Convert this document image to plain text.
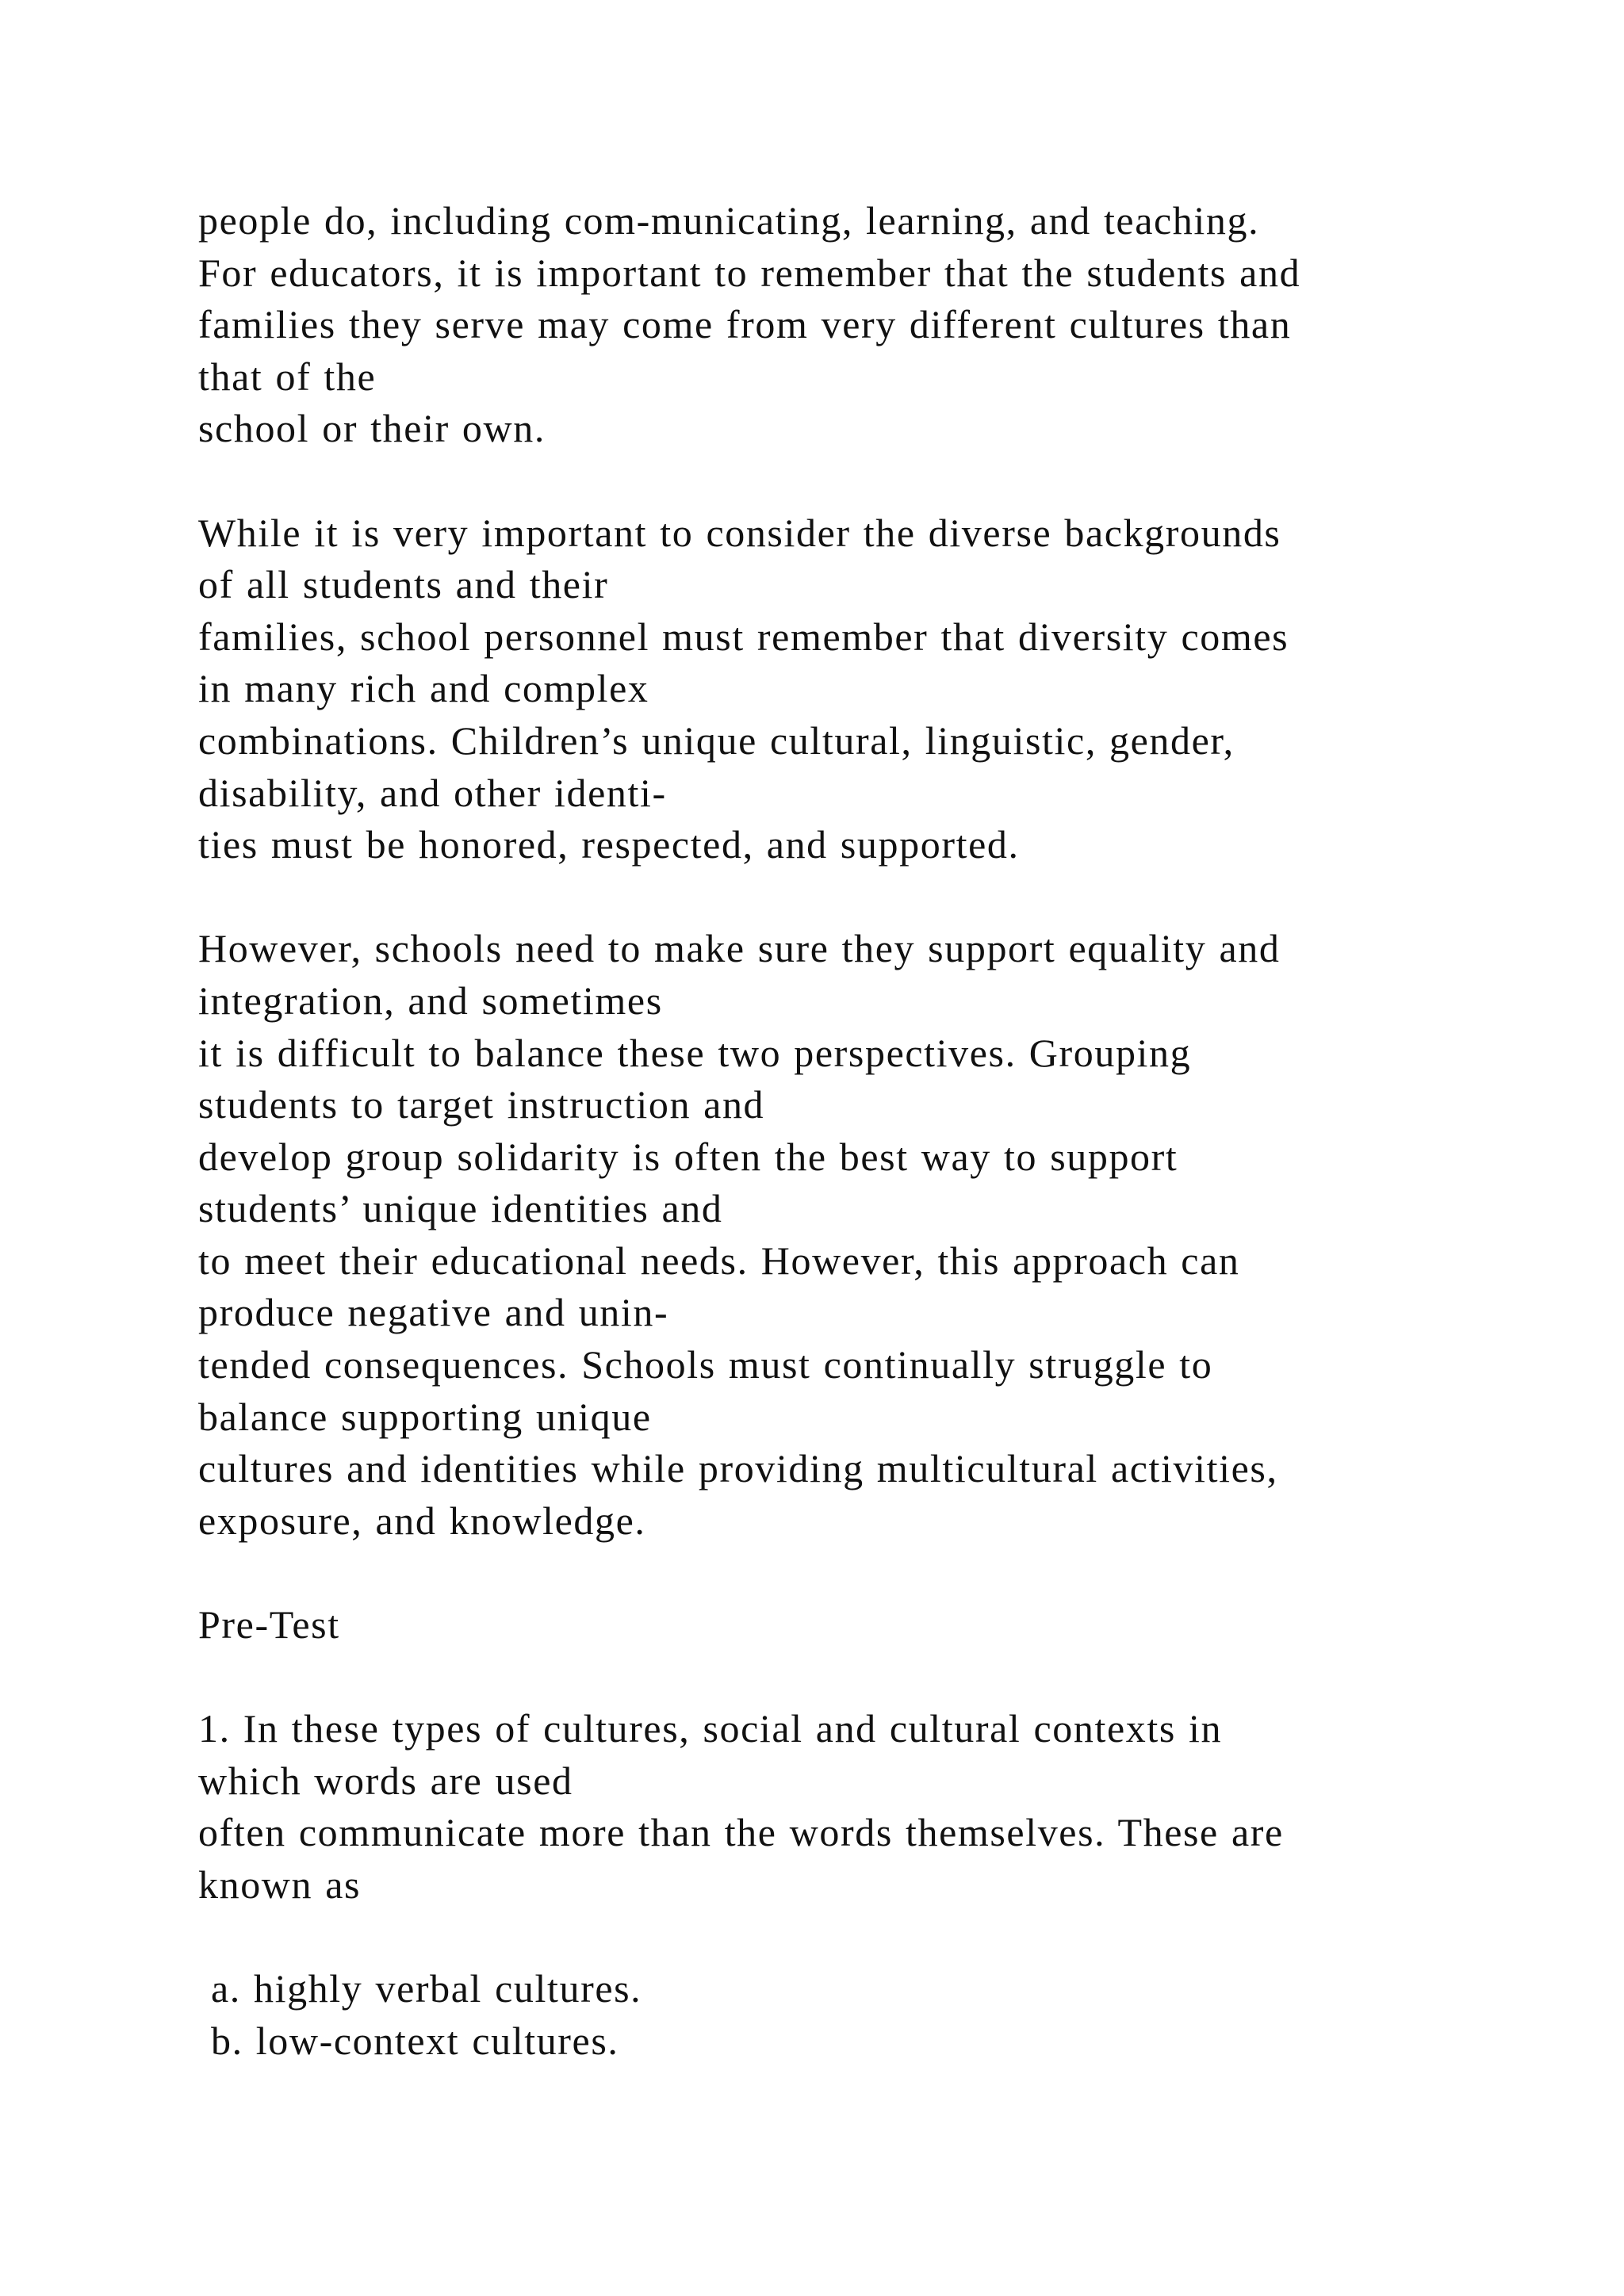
people do, including com-municating, learning, and teaching.
For educators, it is important to remember that the students and
families they serve may come from very different cultures than
that of the
school or their own.
While it is very important to consider the diverse backgrounds
of all students and their
families, school personnel must remember that diversity comes
in many rich and complex
combinations. Children’s unique cultural, linguistic, gender,
disability, and other identi-
ties must be honored, respected, and supported.
However, schools need to make sure they support equality and
integration, and sometimes
it is difficult to balance these two perspectives. Grouping
students to target instruction and
develop group solidarity is often the best way to support
students’ unique identities and
to meet their educational needs. However, this approach can
produce negative and unin-
tended consequences. Schools must continually struggle to
balance supporting unique
cultures and identities while providing multicultural activities,
exposure, and knowledge.
Pre-Test
1. In these types of cultures, social and cultural contexts in
which words are used
often communicate more than the words themselves. These are
known as
a. highly verbal cultures.
b. low-context cultures.
